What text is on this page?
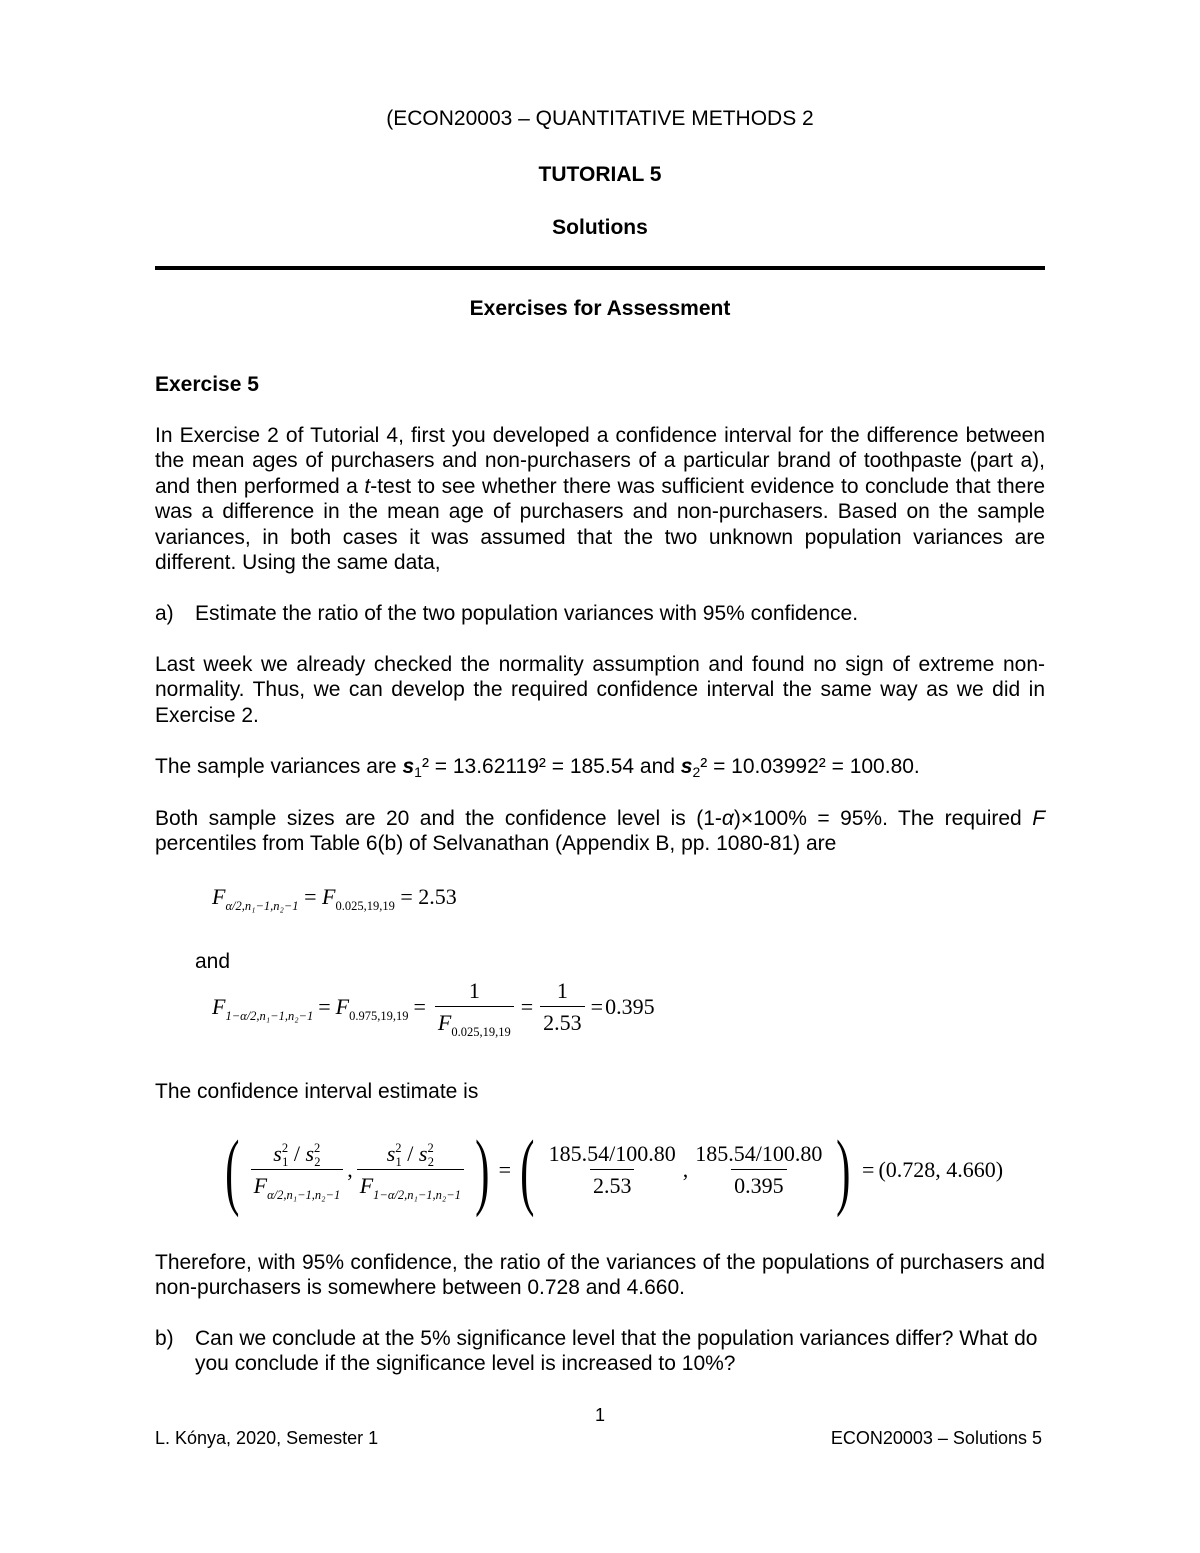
(ECON20003 – QUANTITATIVE METHODS 2
TUTORIAL 5
Solutions
Exercises for Assessment
Exercise 5
In Exercise 2 of Tutorial 4, first you developed a confidence interval for the difference between the mean ages of purchasers and non-purchasers of a particular brand of toothpaste (part a), and then performed a t-test to see whether there was sufficient evidence to conclude that there was a difference in the mean age of purchasers and non-purchasers. Based on the sample variances, in both cases it was assumed that the two unknown population variances are different. Using the same data,
a)	Estimate the ratio of the two population variances with 95% confidence.
Last week we already checked the normality assumption and found no sign of extreme non-normality. Thus, we can develop the required confidence interval the same way as we did in Exercise 2.
The sample variances are s1² = 13.62119² = 185.54 and s2² = 10.03992² = 100.80.
Both sample sizes are 20 and the confidence level is (1-α)×100% = 95%. The required F percentiles from Table 6(b) of Selvanathan (Appendix B, pp. 1080-81) are
$F_{\alpha/2,n_1-1,n_2-1} = F_{0.025,19,19} = 2.53$
and
$F_{1-\alpha/2,n_1-1,n_2-1} = F_{0.975,19,19} = \frac{1}{F_{0.025,19,19}} = \frac{1}{2.53} = 0.395$
The confidence interval estimate is
( $\frac{s^2_1 / s^2_2}{F_{\alpha/2,n_1-1,n_2-1}}$ , $\frac{s^2_1 / s^2_2}{F_{1-\alpha/2,n_1-1,n_2-1}}$ ) = ( $\frac{185.54/100.80}{2.53}$ , $\frac{185.54/100.80}{0.395}$ ) = (0.728, 4.660)
Therefore, with 95% confidence, the ratio of the variances of the populations of purchasers and non-purchasers is somewhere between 0.728 and 4.660.
b)	Can we conclude at the 5% significance level that the population variances differ? What do you conclude if the significance level is increased to 10%?
1
L. Kónya, 2020, Semester 1	ECON20003 – Solutions 5
